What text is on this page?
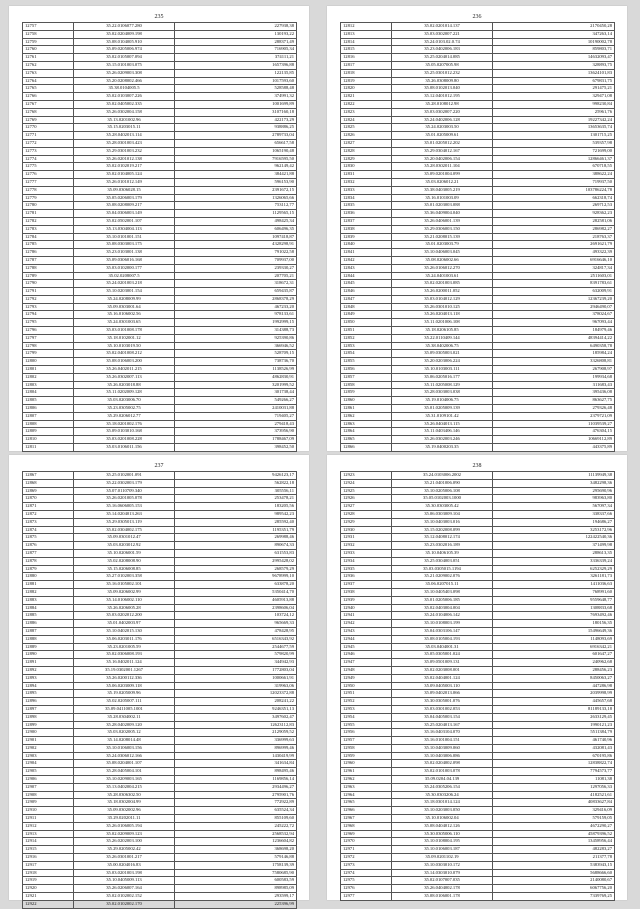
235
12757	35.22.0106077.280	227938,38
12758	35.02.0204009.198	130193,22
12759	35.08.0104005.910	288371,49
12760	35.09.0205006.974	716905,34
12761	35.02.0105007.094	374111,21
12762	35.15.0101003.075	1657396,88
12763	35.26.0209003.308	122135,85
12764	35.20.0208002.466	1017593,60
12765	35.38.0104005.5	528588,48
12766	35.02.0103007.226	374991,32
12767	35.02.0405002.335	1001699,89
12768	35.26.0302004.158	3107160,18
12769	35.13.0201002.96	422173,29
12770	35.15.0203015.11	938886,25
12771	35.28.0402013.114	2789733,04
12772	35.28.0301003.423	656617,58
12773	35.29.0301003.232	1065190,48
12774	35.26.0201012.138	7916595,50
12775	35.02.0102019.217	962149,42
12776	35.02.0104005.124	384421,88
12777	35.26.0101012.149	596153,90
12778	35.09.0306028.15	2391672,15
12779	35.05.0206003.179	1326065,66
12780	35.08.0208009.217	753112,77
12781	35.04.0306003.149	1129565,15
12782	35.02.0502001.107	498425,34
12783	35.13.0304004.113	606496,35
12784	35.10.0101001.151	1097418,87
12785	35.08.0303003.175	4328298,91
12786	35.23.0103001.138	791022,58
12787	35.09.0306016.168	709937,00
12788	35.03.0102000.177	239330,27
12789	35.02.0208007.5	207705,21
12790	35.24.0201003.218	318672,31
12791	35.10.0203001.154	659435,87
12792	35.24.0208009.99	2868378,29
12793	35.09.0303001.64	467233,20
12794	35.16.0106002.56	978133,61
12795	35.24.0301003.65	1992999,15
12796	35.03.0101008.178	314388,73
12797	35.18.0102001.12	925390,86
12798	35.10.0103019.50	366946,52
12799	35.02.0401008.212	528709,15
12800	35.08.0106003.200	738736,70
12801	35.26.0402011.215	1138526,99
12802	35.26.0302007.113	4862830,91
12803	35.26.0203018.88	3201999,52
12804	35.11.0202009.128	301738,44
12805	35.03.0203006.70	549266,27
12806	35.23.0305002.75	2410031,88
12807	35.29.0206012.77	719405,27
12808	35.18.0201002.176	279418,43
12809	35.09.0103010.168	373956,90
12810	35.03.0201008.228	1788467,09
12811	35.03.0106011.156	398452,50
236
12812	35.02.0201014.137	2170450,28
12813	35.03.0302007.221	347263,14
12814	35.24.0103.02.0.74	10190002,78
12815	35.23.0402006.183	859803,71
12816	35.25.0204014.085	14632093,47
12817	35.05.0207005.98	328893,75
12818	35.25.0301012.232	13624101,83
12819	35.26.0308009.80	679831,75
12820	35.08.0102013.040	291475,21
12821	35.12.0401012.195	329471,08
12822	35.28.0108012.98	998230,84
12823	35.03.0302007.220	25961,76
12824	35.24.0402006.128	19227342,24
12825	35.24.0203003.50	13653635,74
12826	35.01.0205009.61	1301715,25
12827	35.01.0205012.202	539357,98
12828	35.29.0304012.167	721699,00
12829	35.20.0402006.154	12866461,37
12830	35.28.0302011.104	670718,55
12831	35.09.0201004.099	388622,24
12832	35.03.0206012.21	719937,50
12833	35.38.0403005.219	103786224,78
12834	35.16.0101003.09	662318,74
12835	35.01.0203003.088	269712,53
12836	35.36.0409004.040	928362,23
12837	35.26.0406001.139	282581,06
12838	35.29.0306003.150	286982,27
12839	35.21.0208015.139	218763,37
12840	35.01.0203003.79	2691621,79
12841	35.10.0406003.045	493322,39
12842	35.08.0206002.66	6916646,10
12843	35.26.0106012.270	324817,34
12844	35.24.0401003.61	2511603,01
12845	35.02.0201003.085	8391783,61
12846	35.26.0200011.052	632009,91
12847	35.03.0104012.129	12367239,20
12848	35.26.0301010.125	2946490,07
12849	35.26.0204013.118	378024,67
12850	35.11.0201006.108	967093,44
12851	35.18.0206105.85	184979,46
12852	35.22.0110409.144	48394414,22
12853	35.38.0402006.75	6490358,78
12854	35.09.0305003.021	185984,24
12855	35.20.0203006.224	3326808,81
12856	35.10.0103003.111	267908,97
12857	35.06.0205016.177	199934,68
12858	35.11.0205008.129	311683,43
12859	35.28.0303003.038	395436,08
12860	35.19.0104006.75	863627,75
12861	35.01.0205009.139	279326,48
12862	35.31.0109101.42	2379721,09
12863	35.26.0404013.115	11039539,27
12864	35.11.0403406.146	476304,15
12865	35.26.0302003.246	10669112,89
12866	35.19.0400203.35	443375,89
237
12867	35.25.0102001.091	9426123,17
12868	35.22.0302003.179	562822,18
12869	35.07.0110709.340	305556,11
12870	35.26.0201005.078	253478,21
12871	35.16.0606005.153	183205,56
12872	35.14.0204013.263	989542,23
12873	35.29.0305013.119	285592,40
12874	35.02.0304002.175	1195351,79
12875	35.09.0301012.47	269988,46
12876	35.03.0203012.92	890674,33
12877	35.10.0206001.59	631553,83
12878	35.02.0208008.90	2995428,02
12879	35.15.0206008.85	268579,29
12880	35.27.0102003.358	9678999,10
12881	35.16.0105002.101	633878,20
12882	35.09.0206002.99	5350414,70
12883	35.14.0106002.110	4605913,88
12884	35.26.0206005.28	2398606,04
12885	35.03.0202012.200	103724,12
12886	35.01.0402003.97	965669,33
12887	35.10.0402015.130	478428,95
12888	35.06.0203011.176	6516343,92
12889	35.23.0201005.59	2544677,59
12890	35.02.0306008.193	579820,99
12891	35.16.0402011.124	344942,93
12892	35.19.0302001.1267	1772803,04
12893	35.26.0200112.336	1000661,91
12894	35.06.0203009.118	319963,06
12895	35.19.0205009.96	12023372,88
12896	35.02.0205007.111	208241,22
12897	35.09.0411005.1001	9246351,13
12898	35.28.0304002.11	3497602,47
12899	35.28.0402009.120	12623112,83
12900	35.03.0202005.12	2129059,52
12901	35.14.0208014.48	336999,63
12902	35.10.0106003.156	896999,46
12903	35.24.0306012.166	1430419,99
12904	35.08.0204001.107	341634,84
12905	35.28.0405004.101	898495,46
12906	35.10.0209003.165	1169856,14
12907	35.13.0402004.215	2934496,27
12908	35.28.0306302.50	2795901,76
12909	35.18.0302004.99	772922,89
12910	35.09.0302002.96	635524,34
12911	35.29.0202011.11	855109,60
12912	35.26.0106005.194	245222,72
12913	35.02.0209009.123	2568532,94
12914	35.26.0202003.100	1236604,82
12915	35.29.0205002.42	368698,20
12916	35.26.0301001.217	579146,88
12917	35.00.0204016.83	1758139,39
12918	35.03.0201003.198	7580685,90
12919	35.10.0405009.113	600583,59
12920	35.26.0206007.164	898985,09
12921	35.02.0102002.152	293599,17
12922	35.02.0102002.170	225396,99
238
12923	35.24.0103006.2002	11139949,38
12924	35.21.0401006.090	3482298,36
12925	35.10.0205006.108	295690,96
12926	35.05.0102003.1000	983963,80
12927	35.30.0303005.42	567097,34
12928	35.06.0303009.104	338337,66
12929	35.10.0403003.016	194686,27
12930	35.15.0202008.099	3253172,96
12931	35.12.0408012.174	122422540,36
12932	35.23.0302016.189	371499,98
12933	35.10.0406105.39	288613,35
12934	35.25.0304003.051	3336339,24
12935	35.03.0305015.1194	6252329,29
12936	35.21.0209002.076	3261181,73
12937	35.06.0207015.11	1411036,63
12938	35.10.0405403.098	768991,60
12939	35.01.0205006.185	9559648,77
12940	35.02.0403004.004	1308833,68
12941	35.24.0104006.142	7693492,46
12942	35.10.0108003.199	180156,35
12943	35.04.0303106.147	15496649,36
12944	35.08.0105004.193	1148093,69
12945	35.03.0404001.31	6916342,21
12946	35.05.0305001.024	601647,27
12947	35.09.0501009.131	240962,68
12948	35.02.0203008.001	288456,23
12949	35.02.0404001.124	8450063,27
12950	35.09.0405003.110	447286,98
12951	35.09.0402013.066	2039998,99
12952	35.30.0305001.076	445657,68
12953	35.03.0301002.053	81189133,18
12954	35.04.0405003.154	2633129,45
12955	35.25.0204013.167	1990121,23
12956	35.16.0403104.070	5511384,79
12957	35.16.0101004.151	461740,96
12958	35.10.0403009.060	432081,43
12959	35.10.0403006.086	670195,86
12960	35.02.0204002.098	12838822,74
12961	35.02.0101003.078	7794573,77
12962	35.09.0204.04.139	11081,38
12963	35.24.0305206.154	1297056,33
12964	35.30.0303206.24	4182521,61
12965	35.18.0301014.124	40833627,84
12966	35.10.0203003.050	329416,09
12967	35.10.0106002.04	579159,05
12968	35.08.0404012.126	4672290,27
12969	35.30.0305006.110	45879396,52
12970	35.10.0108004.195	13458956,44
12971	35.10.0106003.187	482283,27
12972	35.09.0201102.19	211377,78
12973	35.10.0303010.172	5383943,15
12974	35.14.0303010.079	5688666,60
12975	35.02.0107007.035	2140080,67
12976	35.26.0404002.178	6067756,20
12977	35.08.0106001.178	7339769,25
